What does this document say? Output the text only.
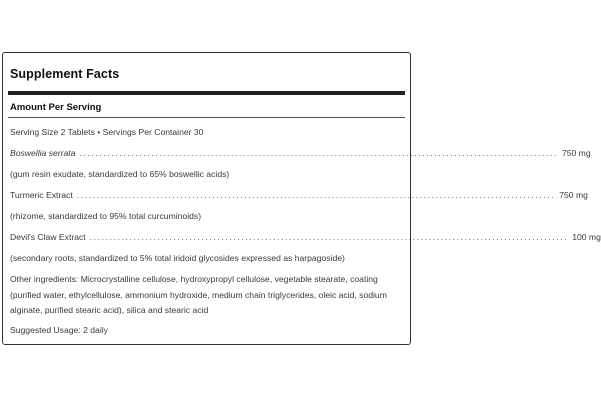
Supplement Facts
Amount Per Serving
Serving Size 2 Tablets • Servings Per Container 30
Boswellia serrata ........................................................................................................................ 750 mg
(gum resin exudate, standardized to 65% boswellic acids)
Turmeric Extract ........................................................................................................................ 750 mg
(rhizome, standardized to 95% total curcuminoids)
Devil's Claw Extract ........................................................................................................................ 100 mg
(secondary roots, standardized to 5% total iridoid glycosides expressed as harpagoside)
Other ingredients: Microcrystalline cellulose, hydroxypropyl cellulose, vegetable stearate, coating (purified water, ethylcellulose, ammonium hydroxide, medium chain triglycerides, oleic acid, sodium alginate, purified stearic acid), silica and stearic acid
Suggested Usage: 2 daily
